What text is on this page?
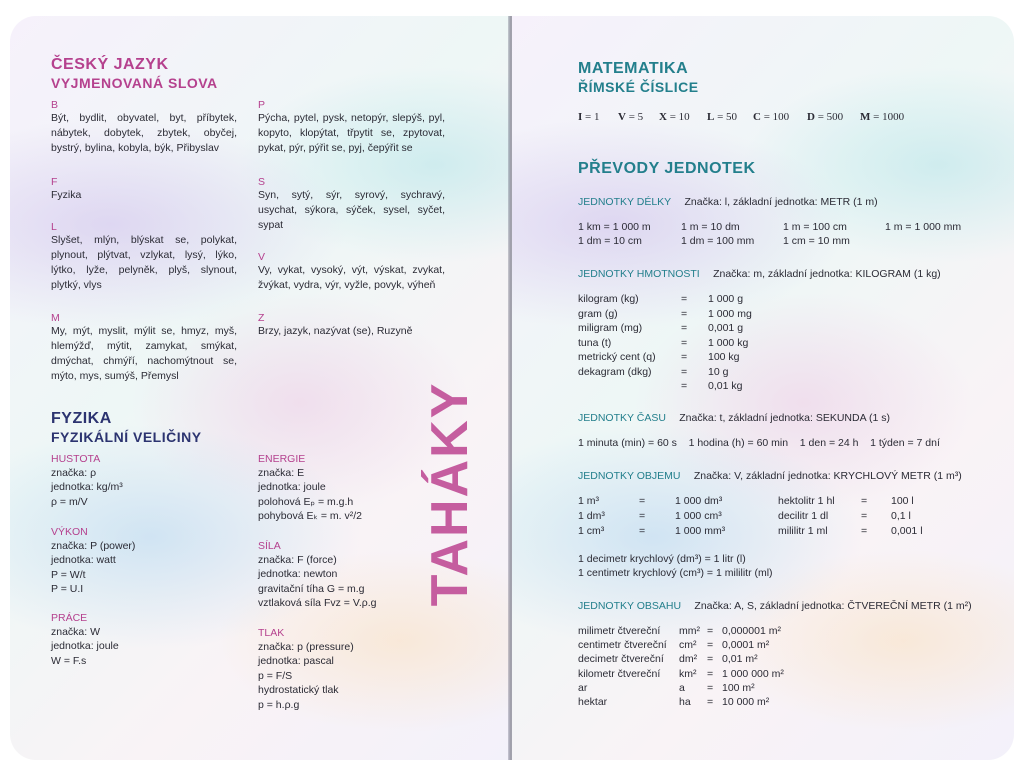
ČESKÝ JAZYK
VYJMENOVANÁ SLOVA
B
Být, bydlit, obyvatel, byt, příbytek, nábytek, dobytek, zbytek, obyčej, bystrý, bylina, kobyla, býk, Přibyslav
F
Fyzika
L
Slyšet, mlýn, blýskat se, polykat, plynout, plýtvat, vzlykat, lysý, lýko, lýtko, lyže, pelyněk, plyš, slynout, plytký, vlys
M
My, mýt, myslit, mýlit se, hmyz, myš, hlemýžď, mýtit, zamykat, smýkat, dmýchat, chmýří, nachomýtnout se, mýto, mys, sumýš, Přemysl
P
Pýcha, pytel, pysk, netopýr, slepýš, pyl, kopyto, klopýtat, třpytit se, zpytovat, pykat, pýr, pýřit se, pyj, čepýřit se
S
Syn, sytý, sýr, syrový, sychravý, usychat, sýkora, sýček, sysel, syčet, sypat
V
Vy, vykat, vysoký, výt, výskat, zvykat, žvýkat, vydra, výr, vyžle, povyk, výheň
Z
Brzy, jazyk, nazývat (se), Ruzyně
FYZIKA
FYZIKÁLNÍ VELIČINY
HUSTOTA
značka: ρ
jednotka: kg/m³
ρ = m/V
VÝKON
značka: P (power)
jednotka: watt
P = W/t
P = U.I
PRÁCE
značka: W
jednotka: joule
W = F.s
ENERGIE
značka: E
jednotka: joule
polohová Eₚ = m.g.h
pohybová Eₖ = m. v²/2
SÍLA
značka: F (force)
jednotka: newton
gravitační tíha G = m.g
vztlaková síla Fvz = V.ρ.g
TLAK
značka: p (pressure)
jednotka: pascal
p = F/S
hydrostatický tlak
p = h.ρ.g
TAHÁKY
MATEMATIKA
ŘÍMSKÉ ČÍSLICE
I = 1 V = 5 X = 10 L = 50 C = 100 D = 500 M = 1000
PŘEVODY JEDNOTEK
JEDNOTKY DÉLKY Značka: l, základní jednotka: METR (1 m)
1 km = 1 000 m	1 m = 10 dm	1 m = 100 cm	1 m = 1 000 mm
1 dm = 10 cm	1 dm = 100 mm	1 cm = 10 mm
JEDNOTKY HMOTNOSTI Značka: m, základní jednotka: KILOGRAM (1 kg)
kilogram (kg)	= 1 000 g
gram (g)	= 1 000 mg
miligram (mg)	= 0,001 g
tuna (t)	= 1 000 kg
metrický cent (q) = 100 kg
dekagram (dkg)	= 10 g
= 0,01 kg
JEDNOTKY ČASU Značka: t, základní jednotka: SEKUNDA (1 s)
1 minuta (min) = 60 s    1 hodina (h) = 60 min    1 den = 24 h    1 týden = 7 dní
JEDNOTKY OBJEMU Značka: V, základní jednotka: KRYCHLOVÝ METR (1 m³)
1 m³	=	1 000 dm³	hektolitr 1 hl	= 100 l
1 dm³	=	1 000 cm³	decilitr 1 dl	= 0,1 l
1 cm³	=	1 000 mm³	mililitr 1 ml	= 0,001 l
1 decimetr krychlový (dm³) = 1 litr (l)
1 centimetr krychlový (cm³) = 1 mililitr (ml)
JEDNOTKY OBSAHU Značka: A, S, základní jednotka: ČTVEREČNÍ METR (1 m²)
milimetr čtvereční mm² = 0,000001 m²
centimetr čtvereční cm² = 0,0001 m²
decimetr čtvereční dm² = 0,01 m²
kilometr čtvereční km² = 1 000 000 m²
ar	a = 100 m²
hektar	ha = 10 000 m²
